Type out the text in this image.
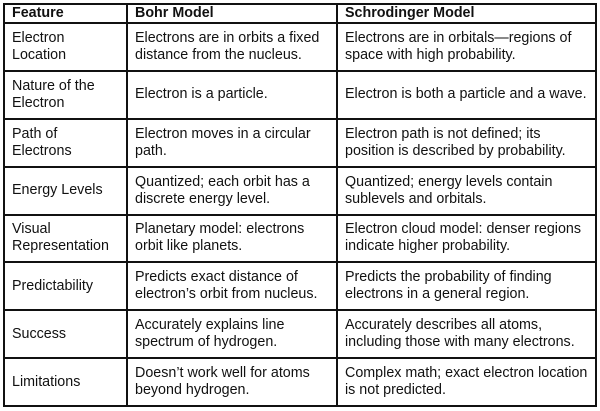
Feature	Bohr Model	Schrodinger Model
Electron Location	Electrons are in orbits a fixed distance from the nucleus.	Electrons are in orbitals—regions of space with high probability.
Nature of the Electron	Electron is a particle.	Electron is both a particle and a wave.
Path of Electrons	Electron moves in a circular path.	Electron path is not defined; its position is described by probability.
Energy Levels	Quantized; each orbit has a discrete energy level.	Quantized; energy levels contain sublevels and orbitals.
Visual Representation	Planetary model: electrons orbit like planets.	Electron cloud model: denser regions indicate higher probability.
Predictability	Predicts exact distance of electron’s orbit from nucleus.	Predicts the probability of finding electrons in a general region.
Success	Accurately explains line spectrum of hydrogen.	Accurately describes all atoms, including those with many electrons.
Limitations	Doesn’t work well for atoms beyond hydrogen.	Complex math; exact electron location is not predicted.
